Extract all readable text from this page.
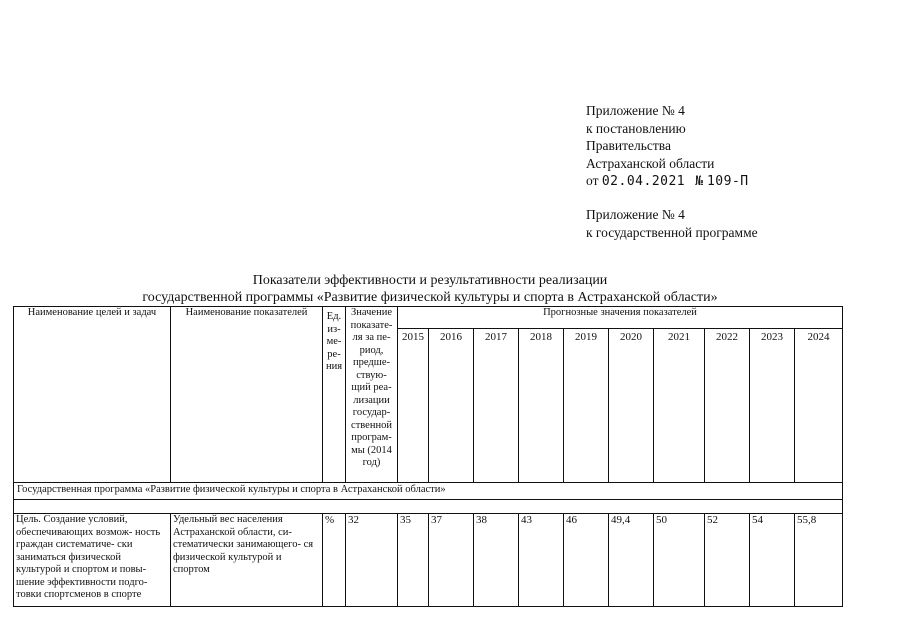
Приложение № 4
к постановлению
Правительства
Астраханской области
от 02.04.2021 № 109-П
Приложение № 4
к государственной программе
Показатели эффективности и результативности реализации
государственной программы «Развитие физической культуры и спорта в Астраханской области»
Наименование целей и задач	Наименование показателей	Ед. из- ме- ре- ния	Значение показате- ля за пе- риод, предше- ствую- щий реа- лизации государ- ственной програм- мы (2014 год)	Прогнозные значения показателей									
				2015	2016	2017	2018	2019	2020	2021	2022	2023	2024
Государственная программа «Развитие физической культуры и спорта в Астраханской области»													

Цель. Создание условий, обеспечивающих возмож- ность граждан систематиче- ски заниматься физической культурой и спортом и повы- шение эффективности подго- товки спортсменов в спорте	Удельный вес населения Астраханской области, си- стематически занимающего- ся физической культурой и спортом	%	32	35	37	38	43	46	49,4	50	52	54	55,8
